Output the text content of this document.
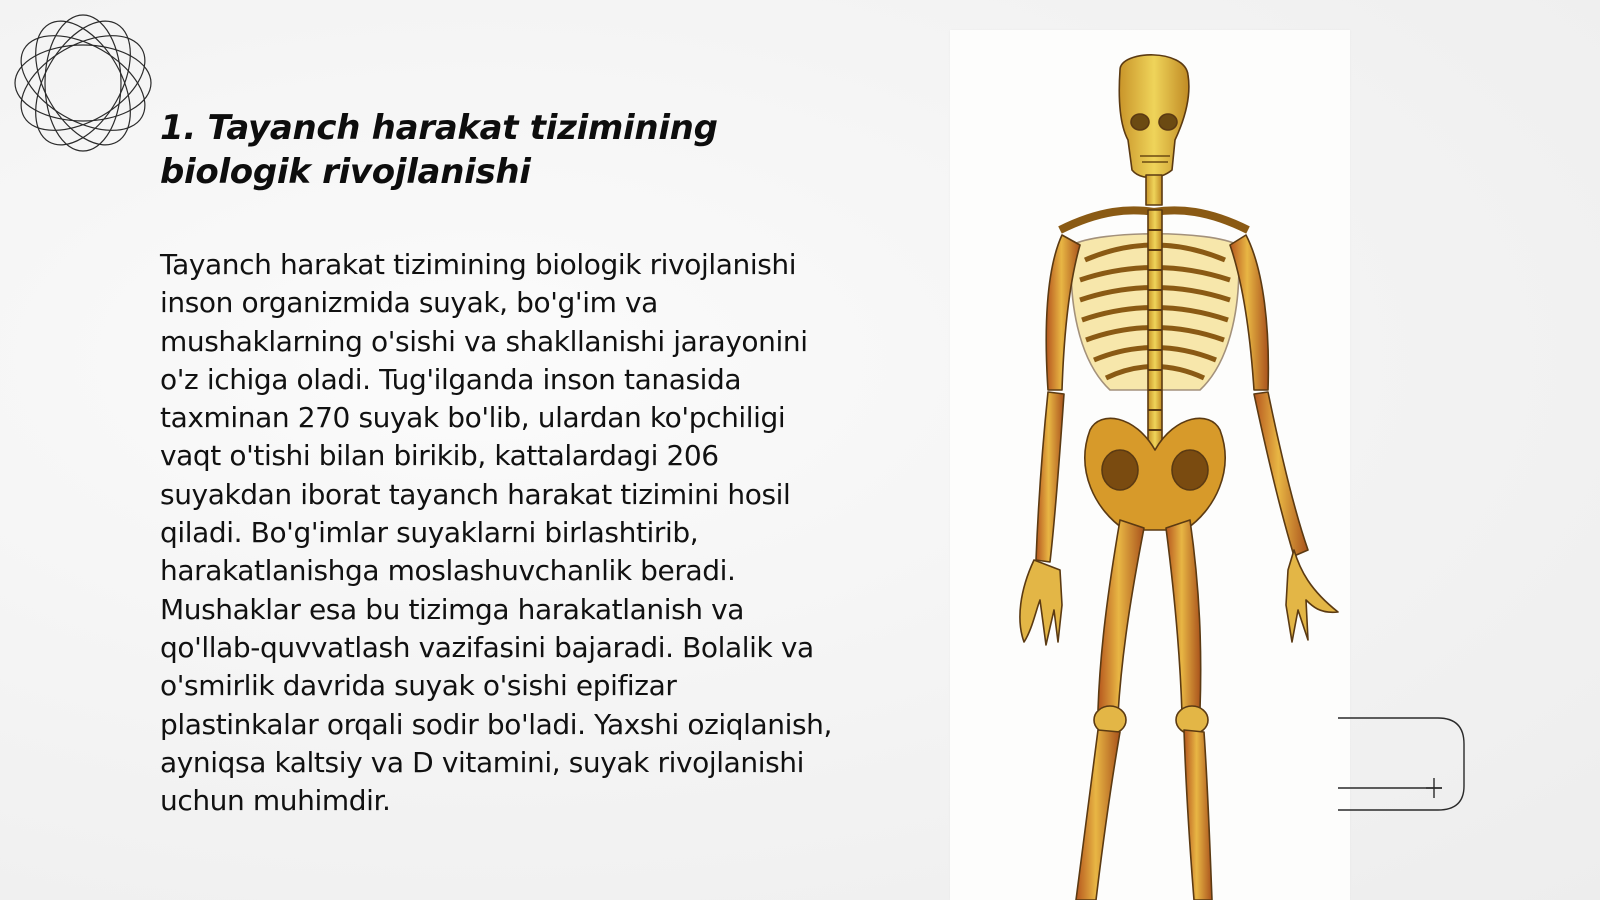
1. Tayanch harakat tizimining biologik rivojlanishi

Tayanch harakat tizimining biologik rivojlanishi inson organizmida suyak, bo'g'im va mushaklarning o'sishi va shakllanishi jarayonini o'z ichiga oladi. Tug'ilganda inson tanasida taxminan 270 suyak bo'lib, ulardan ko'pchiligi vaqt o'tishi bilan birikib, kattalardagi 206 suyakdan iborat tayanch harakat tizimini hosil qiladi. Bo'g'imlar suyaklarni birlashtirib, harakatlanishga moslashuvchanlik beradi. Mushaklar esa bu tizimga harakatlanish va qo'llab-quvvatlash vazifasini bajaradi. Bolalik va o'smirlik davrida suyak o'sishi epifizar plastinkalar orqali sodir bo'ladi. Yaxshi oziqlanish, ayniqsa kaltsiy va D vitamini, suyak rivojlanishi uchun muhimdir.
